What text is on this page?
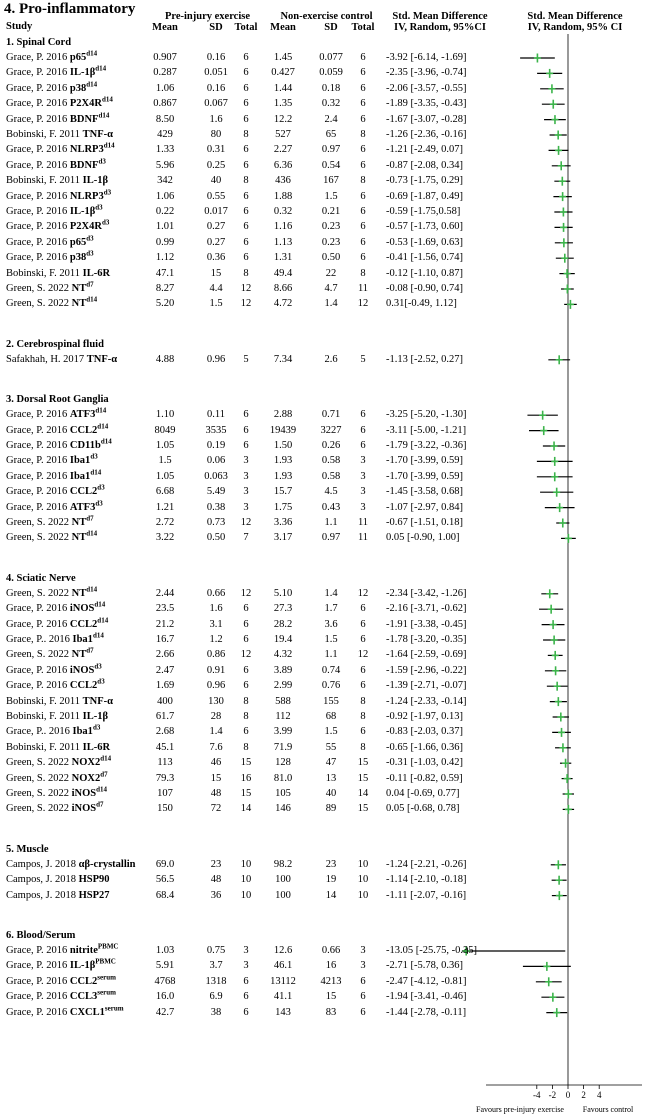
4. Pro-inflammatory
Study
Pre-injury exercise	Non-exercise control	Std. Mean Difference
IV, Random, 95%CI
Std. Mean Difference
IV, Random, 95% CI
Mean	SD	Total	Mean	SD	Total
Favours pre-injury exercise	Favours control
1. Spinal Cord
Grace, P. 2016 $p65^{d14}$	0.907	0.16	6	1.45	0.077	6	-3.92 [-6.14, -1.69]
Grace, P. 2016 $IL-1\beta^{d14}$	0.287	0.051	6	0.427	0.059	6	-2.35 [-3.96, -0.74]
Grace, P. 2016 $p38^{d14}$	1.06	0.16	6	1.44	0.18	6	-2.06 [-3.57, -0.55]
Grace, P. 2016 $P2X4R^{d14}$	0.867	0.067	6	1.35	0.32	6	-1.89 [-3.35, -0.43]
Grace, P. 2016 $BDNF^{d14}$	8.50	1.6	6	12.2	2.4	6	-1.67 [-3.07, -0.28]
Bobinski, F. 2011 TNF-α	429	80	8	527	65	8	-1.26 [-2.36, -0.16]
Grace, P. 2016 $NLRP3^{d14}$	1.33	0.31	6	2.27	0.97	6	-1.21 [-2.49, 0.07]
Grace, P. 2016 $BDNF^{d3}$	5.96	0.25	6	6.36	0.54	6	-0.87 [-2.08, 0.34]
Bobinski, F. 2011 IL-1β	342	40	8	436	167	8	-0.73 [-1.75, 0.29]
Grace, P. 2016 $NLRP3^{d3}$	1.06	0.55	6	1.88	1.5	6	-0.69 [-1.87, 0.49]
Grace, P. 2016 $IL-1\beta^{d3}$	0.22	0.017	6	0.32	0.21	6	-0.59 [-1.75,0.58]
Grace, P. 2016 $P2X4R^{d3}$	1.01	0.27	6	1.16	0.23	6	-0.57 [-1.73, 0.60]
Grace, P. 2016 $p65^{d3}$	0.99	0.27	6	1.13	0.23	6	-0.53 [-1.69, 0.63]
Grace, P. 2016 $p38^{d3}$	1.12	0.36	6	1.31	0.50	6	-0.41 [-1.56, 0.74]
Bobinski, F. 2011 IL-6R	47.1	15	8	49.4	22	8	-0.12 [-1.10, 0.87]
Green, S. 2022 $NT^{d7}$	8.27	4.4	12	8.66	4.7	11	-0.08 [-0.90, 0.74]
Green, S. 2022 $NT^{d14}$	5.20	1.5	12	4.72	1.4	12	0.31[-0.49, 1.12]
2. Cerebrospinal fluid
Safakhah, H. 2017 TNF-α	4.88	0.96	5	7.34	2.6	5	-1.13 [-2.52, 0.27]
3. Dorsal Root Ganglia
Grace, P. 2016 $ATF3^{d14}$	1.10	0.11	6	2.88	0.71	6	-3.25 [-5.20, -1.30]
Grace, P. 2016 $CCL2^{d14}$	8049	3535	6	19439	3227	6	-3.11 [-5.00, -1.21]
Grace, P. 2016 $CD11b^{d14}$	1.05	0.19	6	1.50	0.26	6	-1.79 [-3.22, -0.36]
Grace, P. 2016 $Iba1^{d3}$	1.5	0.06	3	1.93	0.58	3	-1.70 [-3.99, 0.59]
Grace, P. 2016 $Iba1^{d14}$	1.05	0.063	3	1.93	0.58	3	-1.70 [-3.99, 0.59]
Grace, P. 2016 $CCL2^{d3}$	6.68	5.49	3	15.7	4.5	3	-1.45 [-3.58, 0.68]
Grace, P. 2016 $ATF3^{d3}$	1.21	0.38	3	1.75	0.43	3	-1.07 [-2.97, 0.84]
Green, S. 2022 $NT^{d7}$	2.72	0.73	12	3.36	1.1	11	-0.67 [-1.51, 0.18]
Green, S. 2022 $NT^{d14}$	3.22	0.50	7	3.17	0.97	11	0.05 [-0.90, 1.00]
4. Sciatic Nerve
Green, S. 2022 $NT^{d14}$	2.44	0.66	12	5.10	1.4	12	-2.34 [-3.42, -1.26]
Grace, P. 2016 iNOS$^{d14}$	23.5	1.6	6	27.3	1.7	6	-2.16 [-3.71, -0.62]
Grace, P. 2016 $CCL2^{d14}$	21.2	3.1	6	28.2	3.6	6	-1.91 [-3.38, -0.45]
Grace, P.. 2016 $Iba1^{d14}$	16.7	1.2	6	19.4	1.5	6	-1.78 [-3.20, -0.35]
Green, S. 2022 $NT^{d7}$	2.66	0.86	12	4.32	1.1	12	-1.64 [-2.59, -0.69]
Grace, P. 2016 iNOS$^{d3}$	2.47	0.91	6	3.89	0.74	6	-1.59 [-2.96, -0.22]
Grace, P. 2016 $CCL2^{d3}$	1.69	0.96	6	2.99	0.76	6	-1.39 [-2.71, -0.07]
Bobinski, F. 2011 TNF-α	400	130	8	588	155	8	-1.24 [-2.33, -0.14]
Bobinski, F. 2011 IL-1β	61.7	28	8	112	68	8	-0.92 [-1.97, 0.13]
Grace, P.. 2016 $Iba1^{d3}$	2.68	1.4	6	3.99	1.5	6	-0.83 [-2.03, 0.37]
Bobinski, F. 2011 IL-6R	45.1	7.6	8	71.9	55	8	-0.65 [-1.66, 0.36]
Green, S. 2022 $NOX2^{d14}$	113	46	15	128	47	15	-0.31 [-1.03, 0.42]
Green, S. 2022 $NOX2^{d7}$	79.3	15	16	81.0	13	15	-0.11 [-0.82, 0.59]
Green, S. 2022 iNOS$^{d14}$	107	48	15	105	40	14	0.04 [-0.69, 0.77]
Green, S. 2022 iNOS$^{d7}$	150	72	14	146	89	15	0.05 [-0.68, 0.78]
5. Muscle
Campos, J. 2018 αβ-crystallin	69.0	23	10	98.2	23	10	-1.24 [-2.21, -0.26]
Campos, J. 2018 HSP90	56.5	48	10	100	19	10	-1.14 [-2.10, -0.18]
Campos, J. 2018 HSP27	68.4	36	10	100	14	10	-1.11 [-2.07, -0.16]
6. Blood/Serum
Grace, P. 2016 nitrite$^{PBMC}$	1.03	0.75	3	12.6	0.66	3	-13.05 [-25.75, -0.35]
Grace, P. 2016 $IL-1\beta^{PBMC}$	5.91	3.7	3	46.1	16	3	-2.71 [-5.78, 0.36]
Grace, P. 2016 $CCL2^{serum}$	4768	1318	6	13112	4213	6	-2.47 [-4.12, -0.81]
Grace, P. 2016 $CCL3^{serum}$	16.0	6.9	6	41.1	15	6	-1.94 [-3.41, -0.46]
Grace, P. 2016 $CXCL1^{serum}$	42.7	38	6	143	83	6	-1.44 [-2.78, -0.11]
-4 -2	0	2	4
